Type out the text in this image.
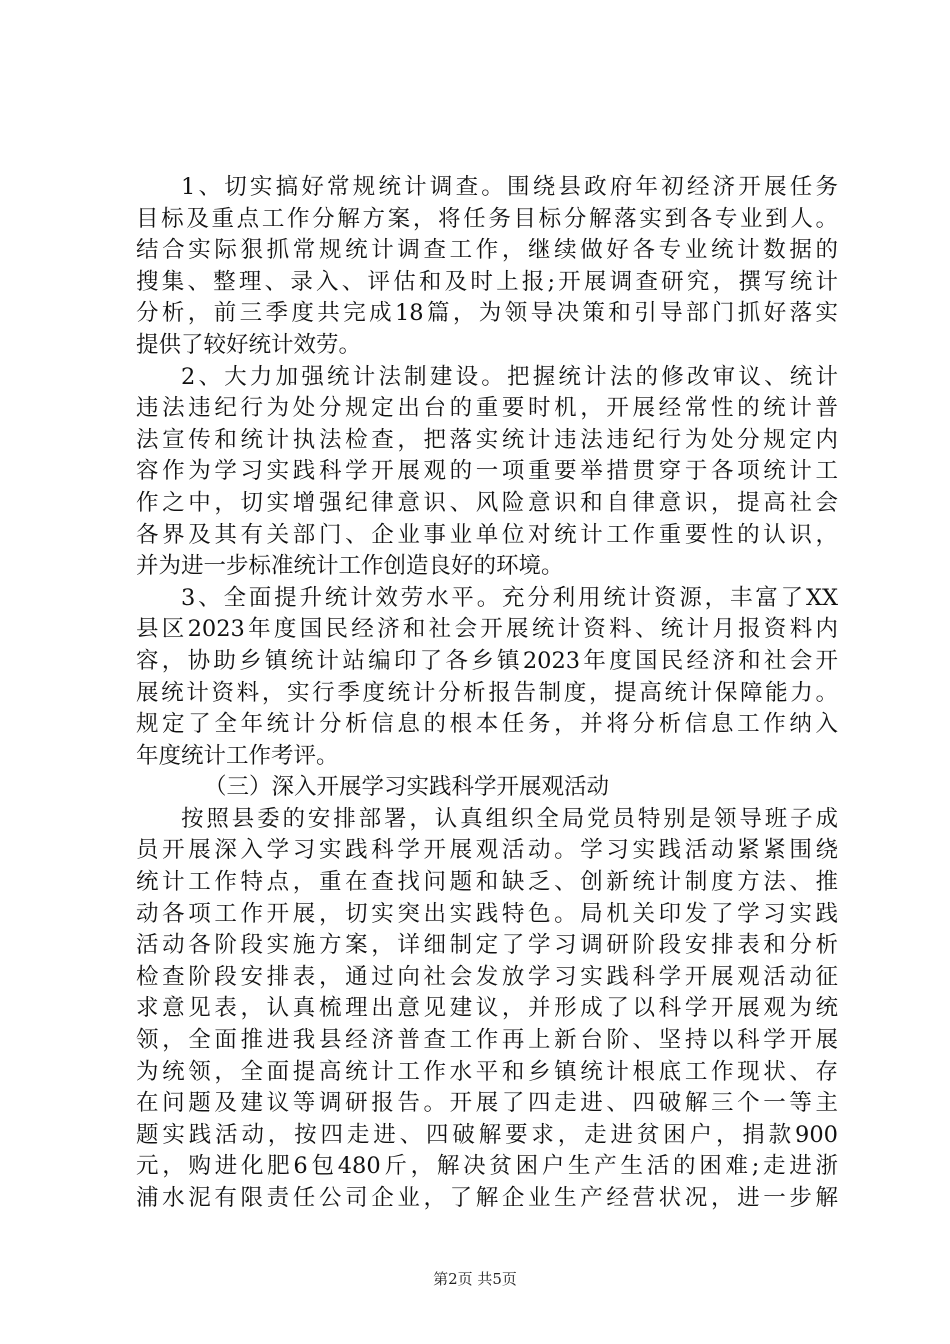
1、切实搞好常规统计调查。围绕县政府年初经济开展任务
目标及重点工作分解方案，将任务目标分解落实到各专业到人。
结合实际狠抓常规统计调查工作，继续做好各专业统计数据的
搜集、整理、录入、评估和及时上报;开展调查研究，撰写统计
分析，前三季度共完成18篇，为领导决策和引导部门抓好落实
提供了较好统计效劳。
2、大力加强统计法制建设。把握统计法的修改审议、统计
违法违纪行为处分规定出台的重要时机，开展经常性的统计普
法宣传和统计执法检查，把落实统计违法违纪行为处分规定内
容作为学习实践科学开展观的一项重要举措贯穿于各项统计工
作之中，切实增强纪律意识、风险意识和自律意识，提高社会
各界及其有关部门、企业事业单位对统计工作重要性的认识，
并为进一步标准统计工作创造良好的环境。
3、全面提升统计效劳水平。充分利用统计资源，丰富了XX
县区2023年度国民经济和社会开展统计资料、统计月报资料内
容，协助乡镇统计站编印了各乡镇2023年度国民经济和社会开
展统计资料，实行季度统计分析报告制度，提高统计保障能力。
规定了全年统计分析信息的根本任务，并将分析信息工作纳入
年度统计工作考评。
（三）深入开展学习实践科学开展观活动
按照县委的安排部署，认真组织全局党员特别是领导班子成
员开展深入学习实践科学开展观活动。学习实践活动紧紧围绕
统计工作特点，重在查找问题和缺乏、创新统计制度方法、推
动各项工作开展，切实突出实践特色。局机关印发了学习实践
活动各阶段实施方案，详细制定了学习调研阶段安排表和分析
检查阶段安排表，通过向社会发放学习实践科学开展观活动征
求意见表，认真梳理出意见建议，并形成了以科学开展观为统
领，全面推进我县经济普查工作再上新台阶、坚持以科学开展
为统领，全面提高统计工作水平和乡镇统计根底工作现状、存
在问题及建议等调研报告。开展了四走进、四破解三个一等主
题实践活动，按四走进、四破解要求，走进贫困户，捐款900
元，购进化肥6包480斤，解决贫困户生产生活的困难;走进浙
浦水泥有限责任公司企业，了解企业生产经营状况，进一步解
第2页 共5页
